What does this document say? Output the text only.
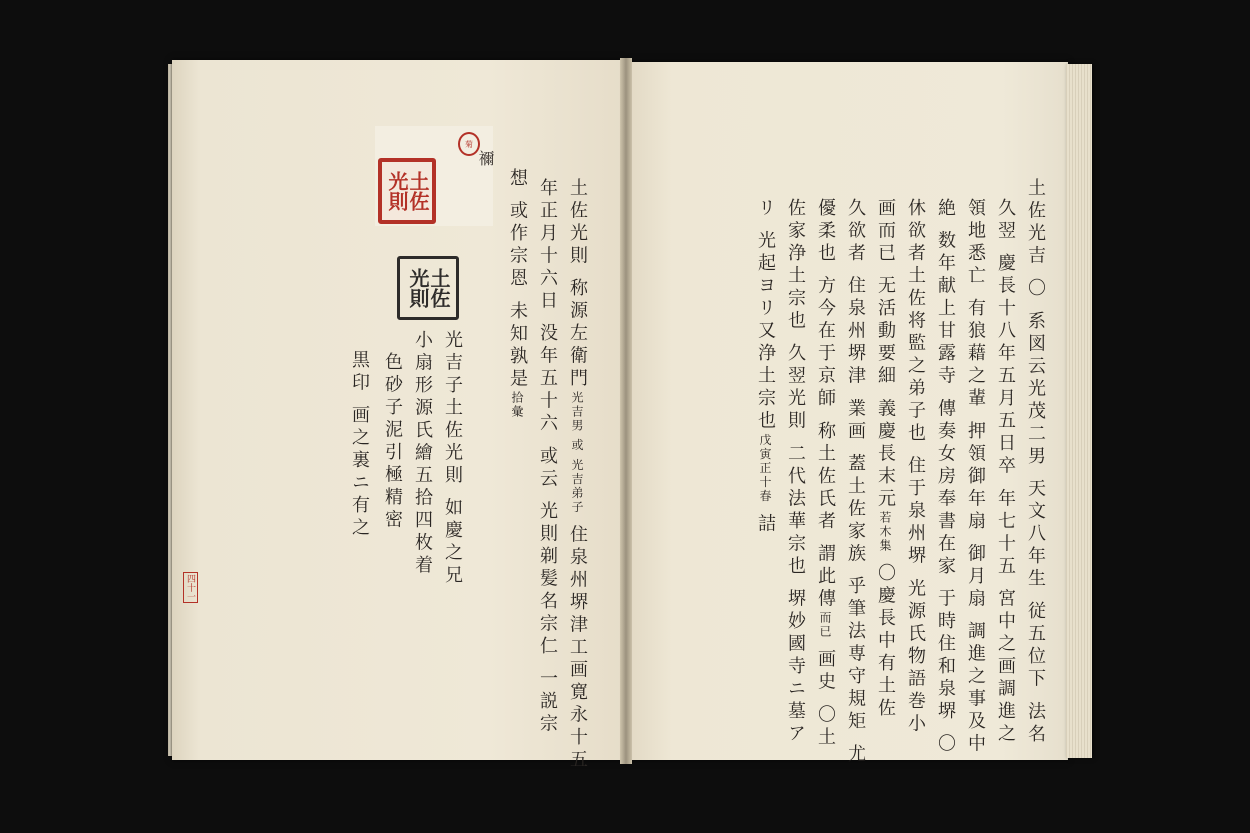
菊
禰
土佐光則
土佐光則	土佐光則 称源左衛門光吉男 或 光吉弟子 住泉州堺津工画寛永十五
年正月十六日 没年五十六 或云 光則剃髪名宗仁 一説宗
想 或作宗恩 未知孰是拾彙
光吉子土佐光則 如慶之兄
小扇形源氏繪五拾四枚着
色砂子泥引極精密
黒印 画之裏ニ有之
四十一	土佐光吉 〇 系図云光茂二男 天文八年生 従五位下 法名
久翌 慶長十八年五月五日卒 年七十五 宮中之画調進之
領地悉亡 有狼藉之輩 押領御年扇 御月扇 調進之事及中
絶 数年献上甘露寺 傳奏女房奉書在家 于時住和泉堺 〇
休欲者土佐将監之弟子也 住于泉州堺 光源氏物語巻小
画而已 无活動要細 義慶長末元若木集 〇慶長中有土佐
久欲者 住泉州堺津 業画 蓋土佐家族 乎筆法専守規矩 尤
優柔也 方今在于京師 称土佐氏者 謂此傳而已 画史 〇土
佐家浄土宗也 久翌光則 二代法華宗也 堺妙國寺ニ墓ア
リ 光起ヨリ又浄土宗也戊寅正十春 詰
